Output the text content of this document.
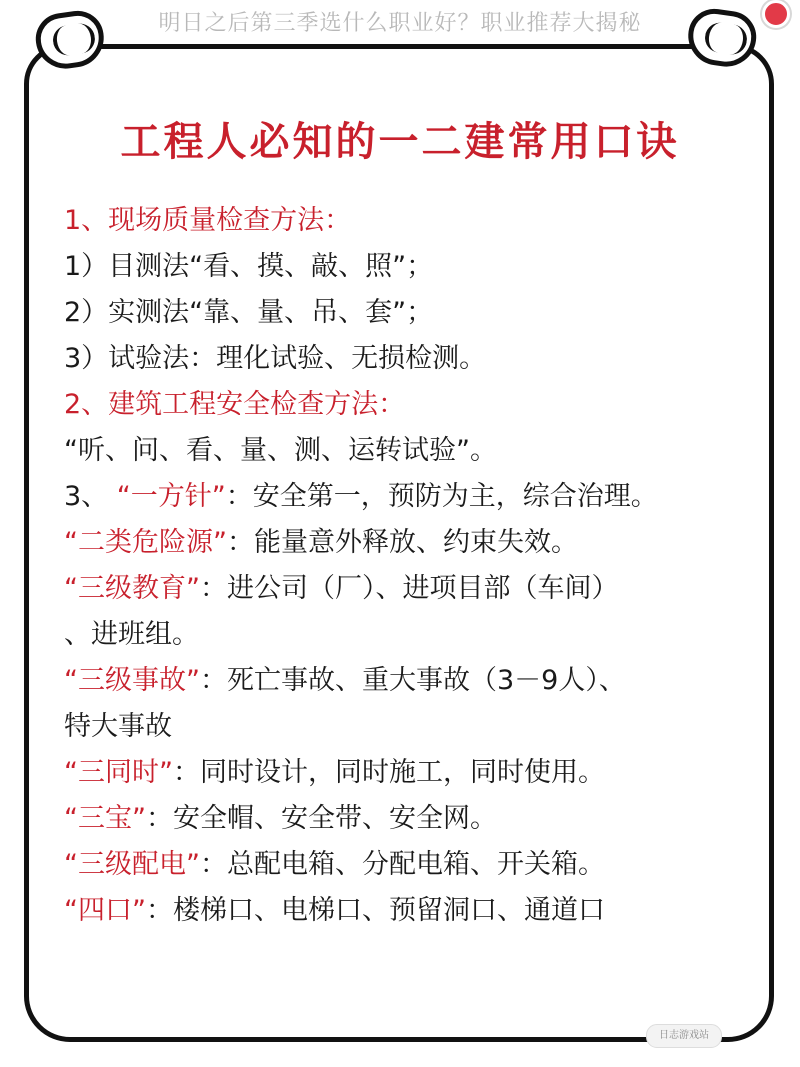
明日之后第三季选什么职业好？职业推荐大揭秘
工程人必知的一二建常用口诀
1、现场质量检查方法：
1）目测法“看、摸、敲、照”；
2）实测法“靠、量、吊、套”；
3）试验法：理化试验、无损检测。
2、建筑工程安全检查方法：
“听、问、看、量、测、运转试验”。
3、 “一方针”：安全第一，预防为主，综合治理。
“二类危险源”：能量意外释放、约束失效。
“三级教育”：进公司（厂）、进项目部（车间）
、进班组。
“三级事故”：死亡事故、重大事故（3－9人）、
特大事故
“三同时”：同时设计，同时施工，同时使用。
“三宝”：安全帽、安全带、安全网。
“三级配电”：总配电箱、分配电箱、开关箱。
“四口”：楼梯口、电梯口、预留洞口、通道口
日志游戏站
